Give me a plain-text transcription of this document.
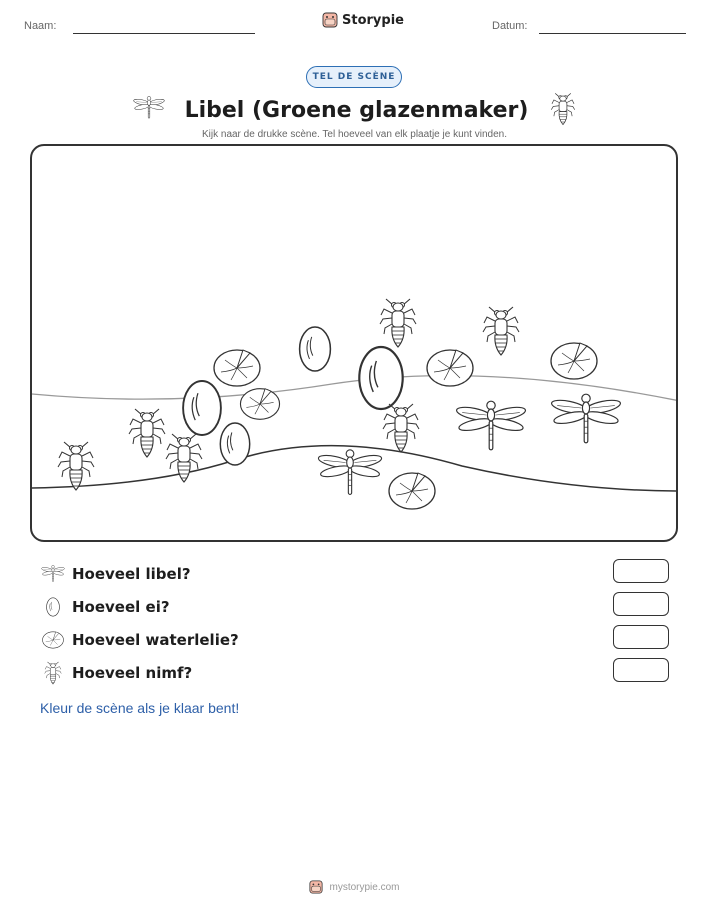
Naam:	Storypie	Datum:
TEL DE SCÈNE
Libel (Groene glazenmaker)
Kijk naar de drukke scène. Tel hoeveel van elk plaatje je kunt vinden.
Hoeveel libel?
Hoeveel ei?
Hoeveel waterlelie?
Hoeveel nimf?
Kleur de scène als je klaar bent!
mystorypie.com
